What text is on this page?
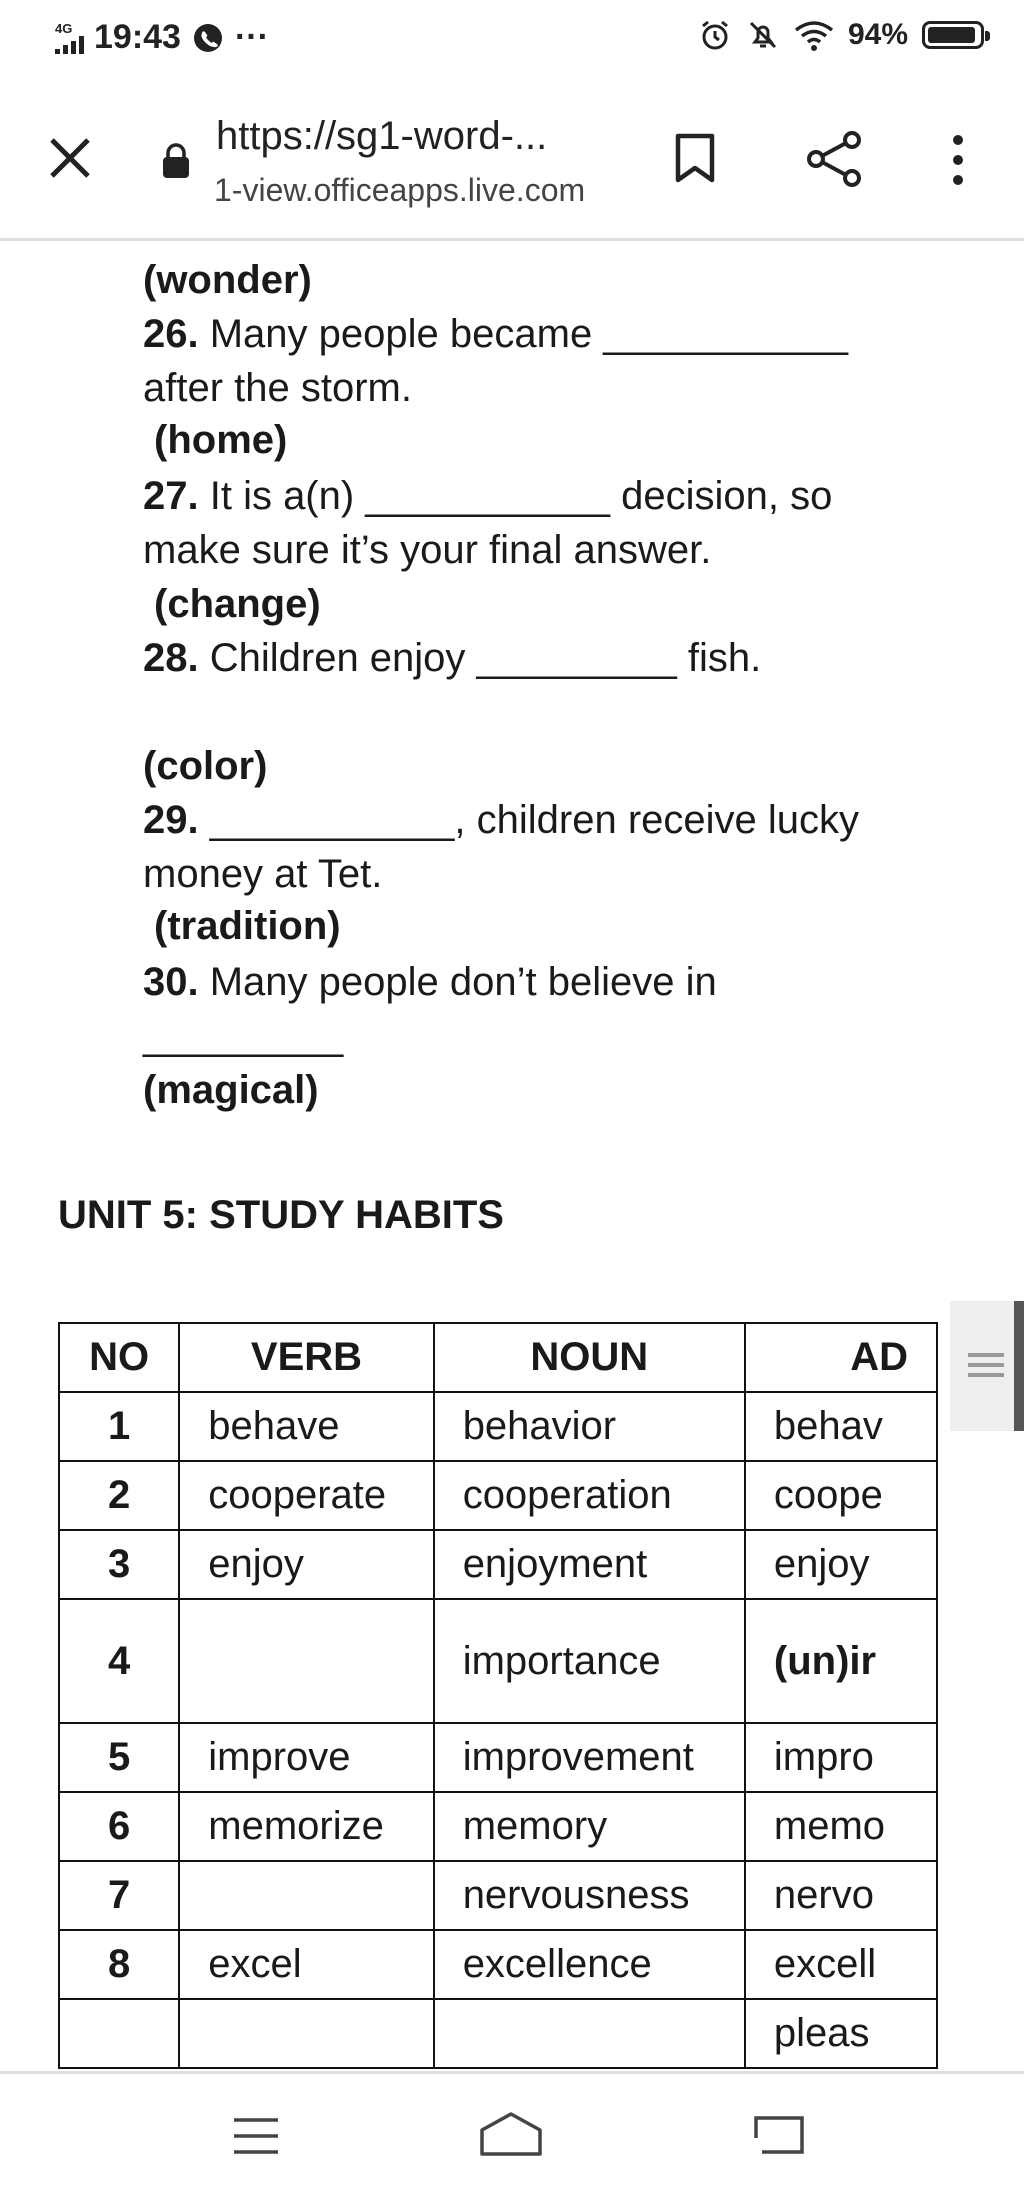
4G 19:43 ···	94%
https://sg1-word-...
1-view.officeapps.live.com
(wonder)
26. Many people became ___________
after the storm.
(home)
27. It is a(n) ___________ decision, so
make sure it’s your final answer.
(change)
28. Children enjoy _________ fish.
(color)
29. ___________, children receive lucky
money at Tet.
(tradition)
30. Many people don’t believe in
_________
(magical)
UNIT 5: STUDY HABITS
NO	VERB	NOUN	AD
1	behave	behavior	behav
2	cooperate	cooperation	coope
3	enjoy	enjoyment	enjoy
4		importance	(un)ir
5	improve	improvement	impro
6	memorize	memory	memo
7		nervousness	nervo
8	excel	excellence	excell
			pleas
